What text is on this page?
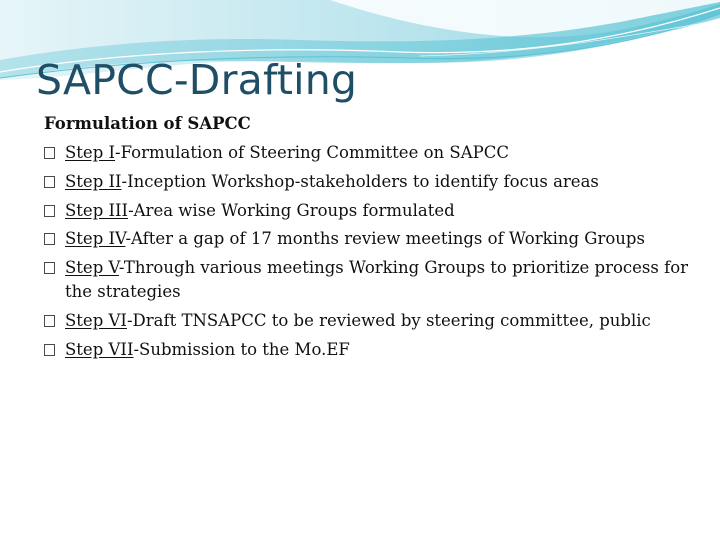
SAPCC-Drafting
Formulation of SAPCC
Step I-Formulation of Steering Committee on SAPCC
Step II-Inception Workshop-stakeholders to identify focus areas
Step III-Area wise Working Groups formulated
Step IV-After a gap of 17 months review meetings of Working Groups
Step V-Through various meetings Working Groups to prioritize process for the strategies
Step VI-Draft TNSAPCC to be reviewed by steering committee, public
Step VII-Submission to the Mo.EF
